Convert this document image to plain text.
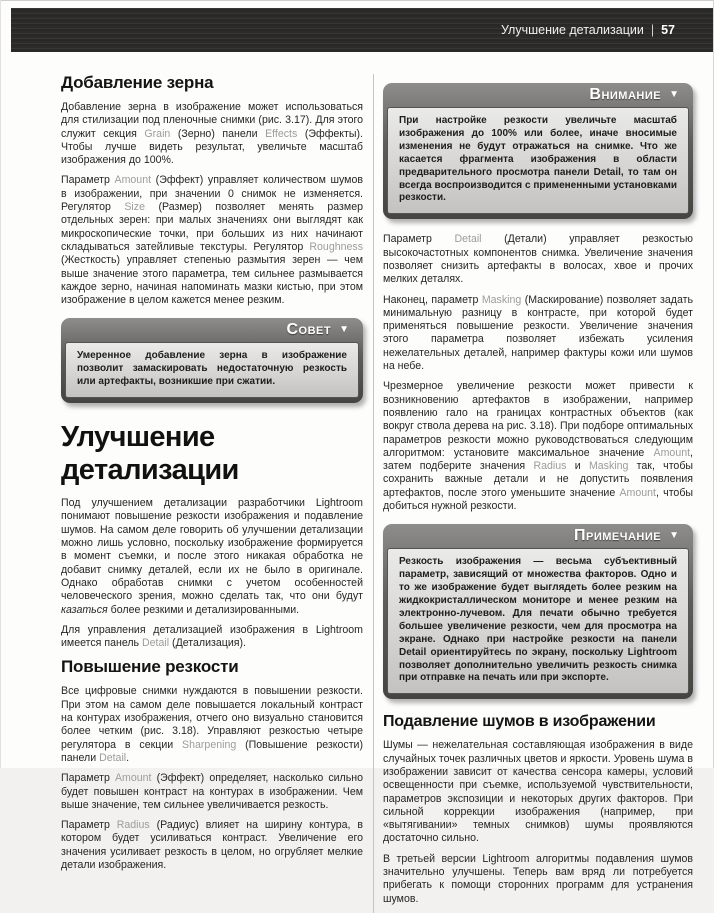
Улучшение детализации | 57
Добавление зерна

Добавление зерна в изображение может использоваться для стилизации под пленочные снимки (рис. 3.17). Для этого служит секция Grain (Зерно) панели Effects (Эффекты). Чтобы лучше видеть результат, увеличьте масштаб изображения до 100%.

Параметр Amount (Эффект) управляет количеством шумов в изображении, при значении 0 снимок не изменяется. Регулятор Size (Размер) позволяет менять размер отдельных зерен: при малых значениях они выглядят как микроскопические точки, при больших из них начинают складываться затейливые текстуры. Регулятор Roughness (Жесткость) управляет степенью размытия зерен — чем выше значение этого параметра, тем сильнее размывается каждое зерно, начиная напоминать мазки кистью, при этом изображение в целом кажется менее резким.

Совет ▼
Умеренное добавление зерна в изображение позволит замаскировать недостаточную резкость или артефакты, возникшие при сжатии.
Улучшение детализации

Под улучшением детализации разработчики Lightroom понимают повышение резкости изображения и подавление шумов. На самом деле говорить об улучшении детализации можно лишь условно, поскольку изображение формируется в момент съемки, и после этого никакая обработка не добавит снимку деталей, если их не было в оригинале. Однако обработав снимки с учетом особенностей человеческого зрения, можно сделать так, что они будут казаться более резкими и детализированными.

Для управления детализацией изображения в Lightroom имеется панель Detail (Детализация).

Повышение резкости

Все цифровые снимки нуждаются в повышении резкости. При этом на самом деле повышается локальный контраст на контурах изображения, отчего оно визуально становится более четким (рис. 3.18). Управляют резкостью четыре регулятора в секции Sharpening (Повышение резкости) панели Detail.

Параметр Amount (Эффект) определяет, насколько сильно будет повышен контраст на контурах в изображении. Чем выше значение, тем сильнее увеличивается резкость.

Параметр Radius (Радиус) влияет на ширину контура, в котором будет усиливаться контраст. Увеличение его значения усиливает резкость в целом, но огрубляет мелкие детали изображения.

Внимание ▼
При настройке резкости увеличьте масштаб изображения до 100% или более, иначе вносимые изменения не будут отражаться на снимке. Что же касается фрагмента изображения в области предварительного просмотра панели Detail, то там он всегда воспроизводится с примененными установками резкости.

Параметр Detail (Детали) управляет резкостью высокочастотных компонентов снимка. Увеличение значения позволяет снизить артефакты в волосах, хвое и прочих мелких деталях.

Наконец, параметр Masking (Маскирование) позволяет задать минимальную разницу в контрасте, при которой будет применяться повышение резкости. Увеличение значения этого параметра позволяет избежать усиления нежелательных деталей, например фактуры кожи или шумов на небе.

Чрезмерное увеличение резкости может привести к возникновению артефактов в изображении, например появлению гало на границах контрастных объектов (как вокруг ствола дерева на рис. 3.18). При подборе оптимальных параметров резкости можно руководствоваться следующим алгоритмом: установите максимальное значение Amount, затем подберите значения Radius и Masking так, чтобы сохранить важные детали и не допустить появления артефактов, после этого уменьшите значение Amount, чтобы добиться нужной резкости.

Примечание ▼
Резкость изображения — весьма субъективный параметр, зависящий от множества факторов. Одно и то же изображение будет выглядеть более резким на жидкокристаллическом мониторе и менее резким на электронно-лучевом. Для печати обычно требуется большее увеличение резкости, чем для просмотра на экране. Однако при настройке резкости на панели Detail ориентируйтесь по экрану, поскольку Lightroom позволяет дополнительно увеличить резкость снимка при отправке на печать или при экспорте.
Подавление шумов в изображении

Шумы — нежелательная составляющая изображения в виде случайных точек различных цветов и яркости. Уровень шума в изображении зависит от качества сенсора камеры, условий освещенности при съемке, используемой чувствительности, параметров экспозиции и некоторых других факторов. При сильной коррекции изображения (например, при «вытягивании» темных снимков) шумы проявляются достаточно сильно.

В третьей версии Lightroom алгоритмы подавления шумов значительно улучшены. Теперь вам вряд ли потребуется прибегать к помощи сторонних программ для устранения шумов.
